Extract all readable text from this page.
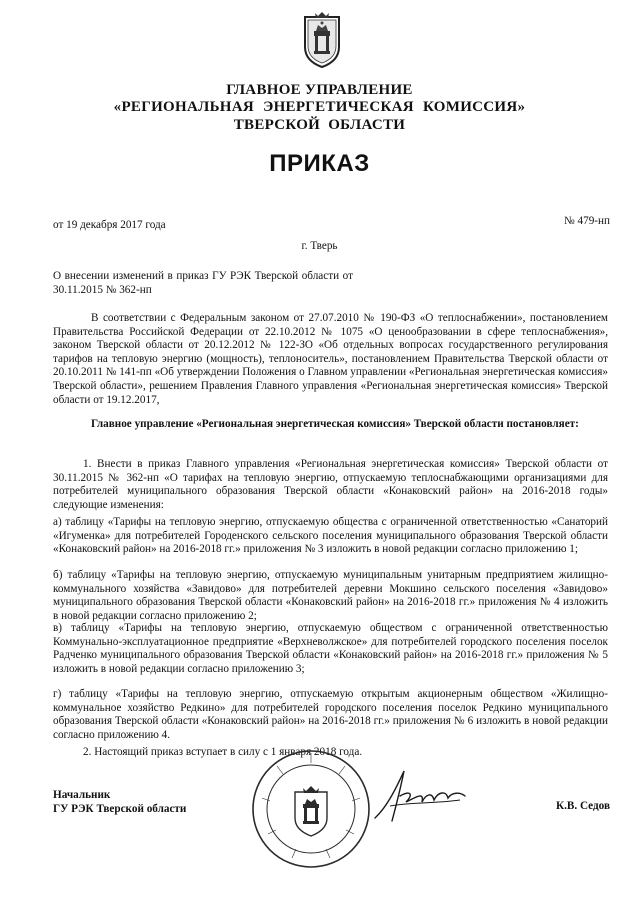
ГЛАВНОЕ УПРАВЛЕНИЕ
«РЕГИОНАЛЬНАЯ ЭНЕРГЕТИЧЕСКАЯ КОМИССИЯ»
ТВЕРСКОЙ ОБЛАСТИ
ПРИКАЗ
от 19 декабря 2017 года	№ 479-нп
г. Тверь
О внесении изменений в приказ ГУ РЭК Тверской области от 30.11.2015 № 362-нп
В соответствии с Федеральным законом от 27.07.2010 № 190-ФЗ «О теплоснабжении», постановлением Правительства Российской Федерации от 22.10.2012 № 1075 «О ценообразовании в сфере теплоснабжения», законом Тверской области от 20.12.2012 № 122-ЗО «Об отдельных вопросах государственного регулирования тарифов на тепловую энергию (мощность), теплоноситель», постановлением Правительства Тверской области от 20.10.2011 № 141-пп «Об утверждении Положения о Главном управлении «Региональная энергетическая комиссия» Тверской области», решением Правления Главного управления «Региональная энергетическая комиссия» Тверской области от 19.12.2017,
Главное управление «Региональная энергетическая комиссия» Тверской области постановляет:
1. Внести в приказ Главного управления «Региональная энергетическая комиссия» Тверской области от 30.11.2015 № 362-нп «О тарифах на тепловую энергию, отпускаемую теплоснабжающими организациями для потребителей муниципального образования Тверской области «Конаковский район» на 2016-2018 годы» следующие изменения:
а) таблицу «Тарифы на тепловую энергию, отпускаемую общества с ограниченной ответственностью «Санаторий «Игуменка» для потребителей Городенского сельского поселения муниципального образования Тверской области «Конаковский район» на 2016-2018 гг.» приложения № 3 изложить в новой редакции согласно приложению 1;
б) таблицу «Тарифы на тепловую энергию, отпускаемую муниципальным унитарным предприятием жилищно-коммунального хозяйства «Завидово» для потребителей деревни Мокшино сельского поселения «Завидово» муниципального образования Тверской области «Конаковский район» на 2016-2018 гг.» приложения № 4 изложить в новой редакции согласно приложению 2;
в) таблицу «Тарифы на тепловую энергию, отпускаемую обществом с ограниченной ответственностью Коммунально-эксплуатационное предприятие «Верхневолжское» для потребителей городского поселения поселок Радченко муниципального образования Тверской области «Конаковский район» на 2016-2018 гг.» приложения № 5 изложить в новой редакции согласно приложению 3;
г) таблицу «Тарифы на тепловую энергию, отпускаемую открытым акционерным обществом «Жилищно-коммунальное хозяйство Редкино» для потребителей городского поселения поселок Редкино муниципального образования Тверской области «Конаковский район» на 2016-2018 гг.» приложения № 6 изложить в новой редакции согласно приложению 4.
2. Настоящий приказ вступает в силу с 1 января 2018 года.
Начальник
ГУ РЭК Тверской области	К.В. Седов
